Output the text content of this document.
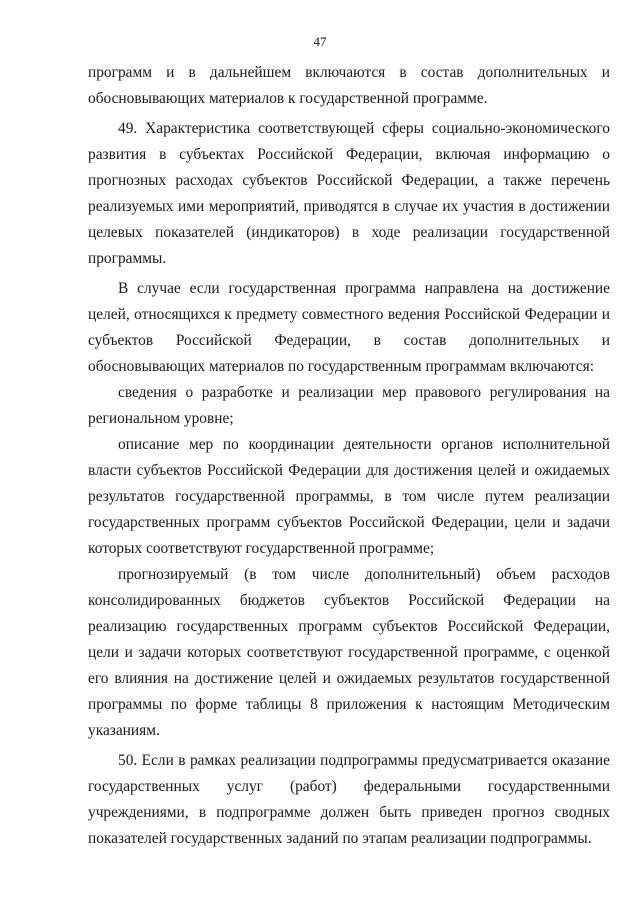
47

программ и в дальнейшем включаются в состав дополнительных и обосновывающих материалов к государственной программе.

49. Характеристика соответствующей сферы социально-экономического развития в субъектах Российской Федерации, включая информацию о прогнозных расходах субъектов Российской Федерации, а также перечень реализуемых ими мероприятий, приводятся в случае их участия в достижении целевых показателей (индикаторов) в ходе реализации государственной программы.

В случае если государственная программа направлена на достижение целей, относящихся к предмету совместного ведения Российской Федерации и субъектов Российской Федерации, в состав дополнительных и обосновывающих материалов по государственным программам включаются:

сведения о разработке и реализации мер правового регулирования на региональном уровне;

описание мер по координации деятельности органов исполнительной власти субъектов Российской Федерации для достижения целей и ожидаемых результатов государственной программы, в том числе путем реализации государственных программ субъектов Российской Федерации, цели и задачи которых соответствуют государственной программе;

прогнозируемый (в том числе дополнительный) объем расходов консолидированных бюджетов субъектов Российской Федерации на реализацию государственных программ субъектов Российской Федерации, цели и задачи которых соответствуют государственной программе, с оценкой его влияния на достижение целей и ожидаемых результатов государственной программы по форме таблицы 8 приложения к настоящим Методическим указаниям.

50. Если в рамках реализации подпрограммы предусматривается оказание государственных услуг (работ) федеральными государственными учреждениями, в подпрограмме должен быть приведен прогноз сводных показателей государственных заданий по этапам реализации подпрограммы.
